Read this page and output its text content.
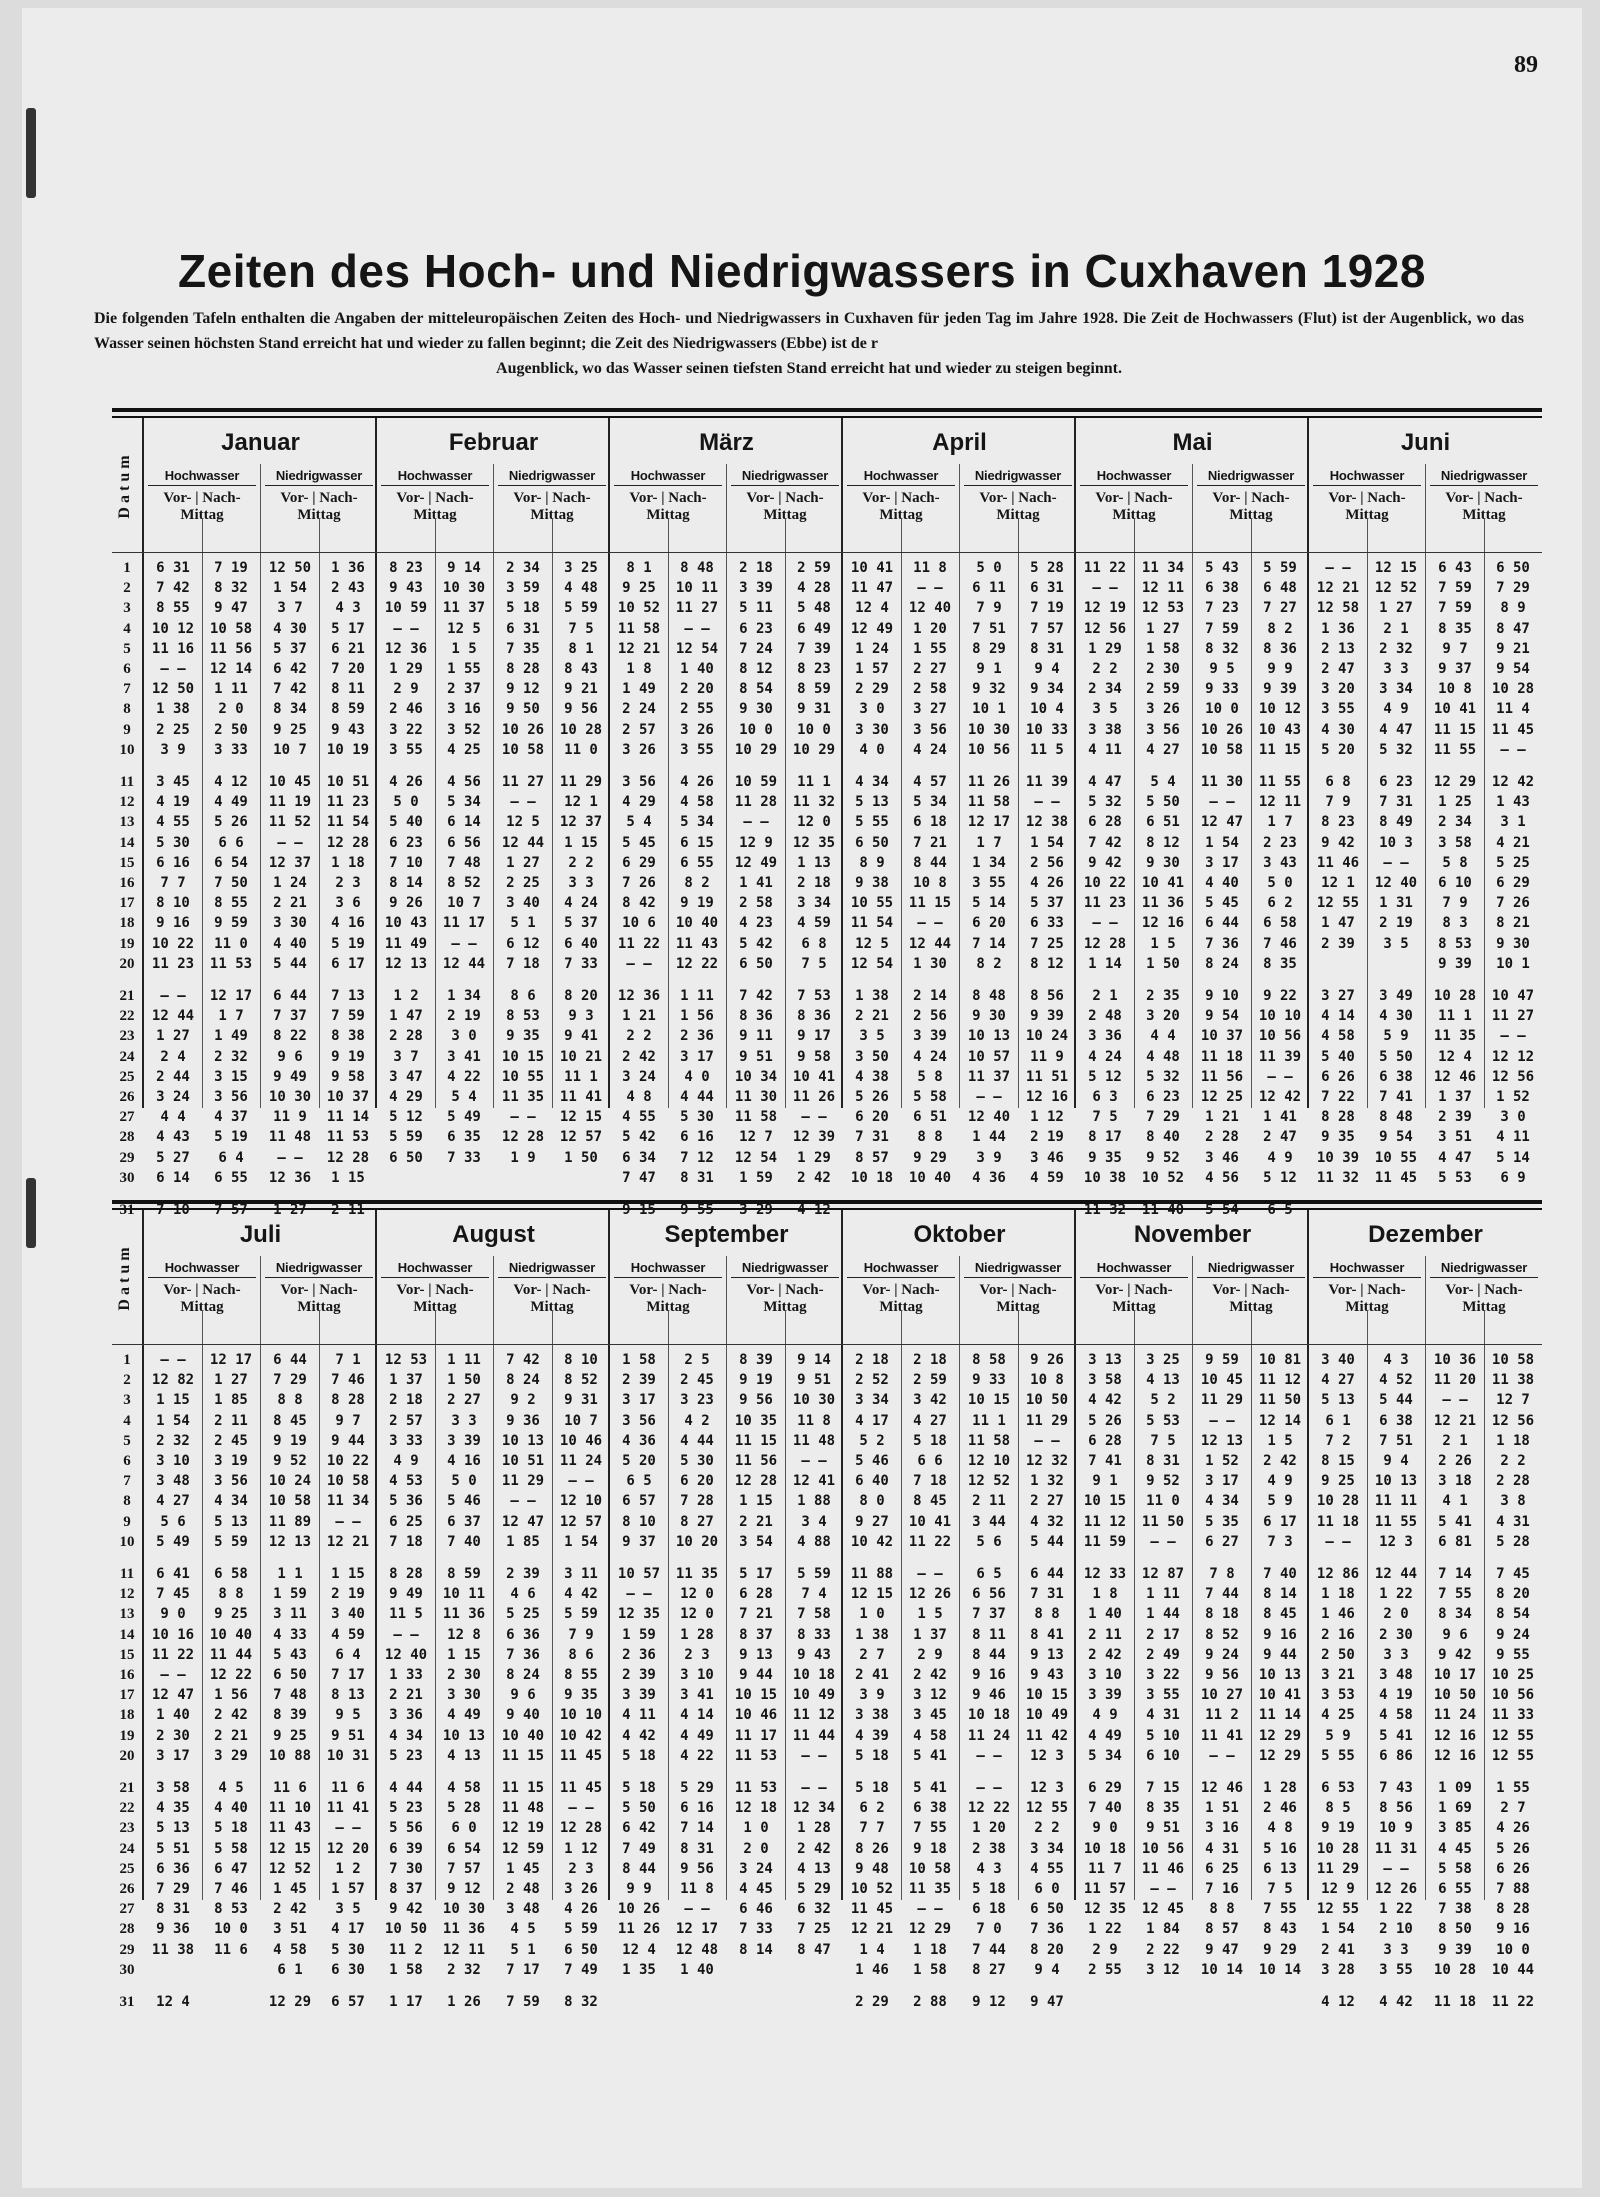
89
Zeiten des Hoch- und Niedrigwassers in Cuxhaven 1928
Die folgenden Tafeln enthalten die Angaben der mitteleuropäischen Zeiten des Hoch- und Niedrigwassers in Cuxhaven für jeden Tag im Jahre 1928. Die Zeit de Hochwassers (Flut) ist der Augenblick, wo das Wasser seinen höchsten Stand erreicht hat und wieder zu fallen beginnt; die Zeit des Niedrigwassers (Ebbe) ist de r
Augenblick, wo das Wasser seinen tiefsten Stand erreicht hat und wieder zu steigen beginnt.
Datum
Januar
Hochwasser
Vor- | Nach-
Mittag
Niedrigwasser
Vor- | Nach-
Mittag
6 31
7 42
8 55
10 12
11 16
— —
12 50
1 38
2 25
3 9
3 45
4 19
4 55
5 30
6 16
7 7
8 10
9 16
10 22
11 23
— —
12 44
1 27
2 4
2 44
3 24
4 4
4 43
5 27
6 14
7 10
7 19
8 32
9 47
10 58
11 56
12 14
1 11
2 0
2 50
3 33
4 12
4 49
5 26
6 6
6 54
7 50
8 55
9 59
11 0
11 53
12 17
1 7
1 49
2 32
3 15
3 56
4 37
5 19
6 4
6 55
7 57
12 50
1 54
3 7
4 30
5 37
6 42
7 42
8 34
9 25
10 7
10 45
11 19
11 52
— —
12 37
1 24
2 21
3 30
4 40
5 44
6 44
7 37
8 22
9 6
9 49
10 30
11 9
11 48
— —
12 36
1 27
1 36
2 43
4 3
5 17
6 21
7 20
8 11
8 59
9 43
10 19
10 51
11 23
11 54
12 28
1 18
2 3
3 6
4 16
5 19
6 17
7 13
7 59
8 38
9 19
9 58
10 37
11 14
11 53
12 28
1 15
2 11
Februar
Hochwasser
Vor- | Nach-
Mittag
Niedrigwasser
Vor- | Nach-
Mittag
8 23
9 43
10 59
— —
12 36
1 29
2 9
2 46
3 22
3 55
4 26
5 0
5 40
6 23
7 10
8 14
9 26
10 43
11 49
12 13
1 2
1 47
2 28
3 7
3 47
4 29
5 12
5 59
6 50
9 14
10 30
11 37
12 5
1 5
1 55
2 37
3 16
3 52
4 25
4 56
5 34
6 14
6 56
7 48
8 52
10 7
11 17
— —
12 44
1 34
2 19
3 0
3 41
4 22
5 4
5 49
6 35
7 33
2 34
3 59
5 18
6 31
7 35
8 28
9 12
9 50
10 26
10 58
11 27
— —
12 5
12 44
1 27
2 25
3 40
5 1
6 12
7 18
8 6
8 53
9 35
10 15
10 55
11 35
— —
12 28
1 9
3 25
4 48
5 59
7 5
8 1
8 43
9 21
9 56
10 28
11 0
11 29
12 1
12 37
1 15
2 2
3 3
4 24
5 37
6 40
7 33
8 20
9 3
9 41
10 21
11 1
11 41
12 15
12 57
1 50
März
Hochwasser
Vor- | Nach-
Mittag
Niedrigwasser
Vor- | Nach-
Mittag
8 1
9 25
10 52
11 58
12 21
1 8
1 49
2 24
2 57
3 26
3 56
4 29
5 4
5 45
6 29
7 26
8 42
10 6
11 22
— —
12 36
1 21
2 2
2 42
3 24
4 8
4 55
5 42
6 34
7 47
9 15
8 48
10 11
11 27
— —
12 54
1 40
2 20
2 55
3 26
3 55
4 26
4 58
5 34
6 15
6 55
8 2
9 19
10 40
11 43
12 22
1 11
1 56
2 36
3 17
4 0
4 44
5 30
6 16
7 12
8 31
9 55
2 18
3 39
5 11
6 23
7 24
8 12
8 54
9 30
10 0
10 29
10 59
11 28
— —
12 9
12 49
1 41
2 58
4 23
5 42
6 50
7 42
8 36
9 11
9 51
10 34
11 30
11 58
12 7
12 54
1 59
3 29
2 59
4 28
5 48
6 49
7 39
8 23
8 59
9 31
10 0
10 29
11 1
11 32
12 0
12 35
1 13
2 18
3 34
4 59
6 8
7 5
7 53
8 36
9 17
9 58
10 41
11 26
— —
12 39
1 29
2 42
4 12
April
Hochwasser
Vor- | Nach-
Mittag
Niedrigwasser
Vor- | Nach-
Mittag
10 41
11 47
12 4
12 49
1 24
1 57
2 29
3 0
3 30
4 0
4 34
5 13
5 55
6 50
8 9
9 38
10 55
11 54
12 5
12 54
1 38
2 21
3 5
3 50
4 38
5 26
6 20
7 31
8 57
10 18
11 8
— —
12 40
1 20
1 55
2 27
2 58
3 27
3 56
4 24
4 57
5 34
6 18
7 21
8 44
10 8
11 15
— —
12 44
1 30
2 14
2 56
3 39
4 24
5 8
5 58
6 51
8 8
9 29
10 40
5 0
6 11
7 9
7 51
8 29
9 1
9 32
10 1
10 30
10 56
11 26
11 58
12 17
1 7
1 34
3 55
5 14
6 20
7 14
8 2
8 48
9 30
10 13
10 57
11 37
— —
12 40
1 44
3 9
4 36
5 28
6 31
7 19
7 57
8 31
9 4
9 34
10 4
10 33
11 5
11 39
— —
12 38
1 54
2 56
4 26
5 37
6 33
7 25
8 12
8 56
9 39
10 24
11 9
11 51
12 16
1 12
2 19
3 46
4 59
Mai
Hochwasser
Vor- | Nach-
Mittag
Niedrigwasser
Vor- | Nach-
Mittag
11 22
— —
12 19
12 56
1 29
2 2
2 34
3 5
3 38
4 11
4 47
5 32
6 28
7 42
9 42
10 22
11 23
— —
12 28
1 14
2 1
2 48
3 36
4 24
5 12
6 3
7 5
8 17
9 35
10 38
11 32
11 34
12 11
12 53
1 27
1 58
2 30
2 59
3 26
3 56
4 27
5 4
5 50
6 51
8 12
9 30
10 41
11 36
12 16
1 5
1 50
2 35
3 20
4 4
4 48
5 32
6 23
7 29
8 40
9 52
10 52
11 40
5 43
6 38
7 23
7 59
8 32
9 5
9 33
10 0
10 26
10 58
11 30
— —
12 47
1 54
3 17
4 40
5 45
6 44
7 36
8 24
9 10
9 54
10 37
11 18
11 56
12 25
1 21
2 28
3 46
4 56
5 54
5 59
6 48
7 27
8 2
8 36
9 9
9 39
10 12
10 43
11 15
11 55
12 11
1 7
2 23
3 43
5 0
6 2
6 58
7 46
8 35
9 22
10 10
10 56
11 39
— —
12 42
1 41
2 47
4 9
5 12
6 5
Juni
Hochwasser
Vor- | Nach-
Mittag
Niedrigwasser
Vor- | Nach-
Mittag
— —
12 21
12 58
1 36
2 13
2 47
3 20
3 55
4 30
5 20
6 8
7 9
8 23
9 42
11 46
12 1
12 55
1 47
2 39
3 27
4 14
4 58
5 40
6 26
7 22
8 28
9 35
10 39
11 32
12 15
12 52
1 27
2 1
2 32
3 3
3 34
4 9
4 47
5 32
6 23
7 31
8 49
10 3
— —
12 40
1 31
2 19
3 5
3 49
4 30
5 9
5 50
6 38
7 41
8 48
9 54
10 55
11 45
6 43
7 59
7 59
8 35
9 7
9 37
10 8
10 41
11 15
11 55
12 29
1 25
2 34
3 58
5 8
6 10
7 9
8 3
8 53
9 39
10 28
11 1
11 35
12 4
12 46
1 37
2 39
3 51
4 47
5 53
6 50
7 29
8 9
8 47
9 21
9 54
10 28
11 4
11 45
— —
12 42
1 43
3 1
4 21
5 25
6 29
7 26
8 21
9 30
10 1
10 47
11 27
— —
12 12
12 56
1 52
3 0
4 11
5 14
6 9
1
2
3
4
5
6
7
8
9
10
11
12
13
14
15
16
17
18
19
20
21
22
23
24
25
26
27
28
29
30
31
Datum
Juli
Hochwasser
Vor- | Nach-
Mittag
Niedrigwasser
Vor- | Nach-
Mittag
— —
12 82
1 15
1 54
2 32
3 10
3 48
4 27
5 6
5 49
6 41
7 45
9 0
10 16
11 22
— —
12 47
1 40
2 30
3 17
3 58
4 35
5 13
5 51
6 36
7 29
8 31
9 36
11 38
12 4
12 17
1 27
1 85
2 11
2 45
3 19
3 56
4 34
5 13
5 59
6 58
8 8
9 25
10 40
11 44
12 22
1 56
2 42
2 21
3 29
4 5
4 40
5 18
5 58
6 47
7 46
8 53
10 0
11 6
6 44
7 29
8 8
8 45
9 19
9 52
10 24
10 58
11 89
12 13
1 1
1 59
3 11
4 33
5 43
6 50
7 48
8 39
9 25
10 88
11 6
11 10
11 43
12 15
12 52
1 45
2 42
3 51
4 58
6 1
12 29
7 1
7 46
8 28
9 7
9 44
10 22
10 58
11 34
— —
12 21
1 15
2 19
3 40
4 59
6 4
7 17
8 13
9 5
9 51
10 31
11 6
11 41
— —
12 20
1 2
1 57
3 5
4 17
5 30
6 30
6 57
August
Hochwasser
Vor- | Nach-
Mittag
Niedrigwasser
Vor- | Nach-
Mittag
12 53
1 37
2 18
2 57
3 33
4 9
4 53
5 36
6 25
7 18
8 28
9 49
11 5
— —
12 40
1 33
2 21
3 36
4 34
5 23
4 44
5 23
5 56
6 39
7 30
8 37
9 42
10 50
11 2
1 58
1 17
1 11
1 50
2 27
3 3
3 39
4 16
5 0
5 46
6 37
7 40
8 59
10 11
11 36
12 8
1 15
2 30
3 30
4 49
10 13
4 13
4 58
5 28
6 0
6 54
7 57
9 12
10 30
11 36
12 11
2 32
1 26
7 42
8 24
9 2
9 36
10 13
10 51
11 29
— —
12 47
1 85
2 39
4 6
5 25
6 36
7 36
8 24
9 6
9 40
10 40
11 15
11 15
11 48
12 19
12 59
1 45
2 48
3 48
4 5
5 1
7 17
7 59
8 10
8 52
9 31
10 7
10 46
11 24
— —
12 10
12 57
1 54
3 11
4 42
5 59
7 9
8 6
8 55
9 35
10 10
10 42
11 45
11 45
— —
12 28
1 12
2 3
3 26
4 26
5 59
6 50
7 49
8 32
September
Hochwasser
Vor- | Nach-
Mittag
Niedrigwasser
Vor- | Nach-
Mittag
1 58
2 39
3 17
3 56
4 36
5 20
6 5
6 57
8 10
9 37
10 57
— —
12 35
1 59
2 36
2 39
3 39
4 11
4 42
5 18
5 18
5 50
6 42
7 49
8 44
9 9
10 26
11 26
12 4
1 35
2 5
2 45
3 23
4 2
4 44
5 30
6 20
7 28
8 27
10 20
11 35
12 0
12 0
1 28
2 3
3 10
3 41
4 14
4 49
4 22
5 29
6 16
7 14
8 31
9 56
11 8
— —
12 17
12 48
1 40
8 39
9 19
9 56
10 35
11 15
11 56
12 28
1 15
2 21
3 54
5 17
6 28
7 21
8 37
9 13
9 44
10 15
10 46
11 17
11 53
11 53
12 18
1 0
2 0
3 24
4 45
6 46
7 33
8 14
9 14
9 51
10 30
11 8
11 48
— —
12 41
1 88
3 4
4 88
5 59
7 4
7 58
8 33
9 43
10 18
10 49
11 12
11 44
— —
— —
12 34
1 28
2 42
4 13
5 29
6 32
7 25
8 47
Oktober
Hochwasser
Vor- | Nach-
Mittag
Niedrigwasser
Vor- | Nach-
Mittag
2 18
2 52
3 34
4 17
5 2
5 46
6 40
8 0
9 27
10 42
11 88
12 15
1 0
1 38
2 7
2 41
3 9
3 38
4 39
5 18
5 18
6 2
7 7
8 26
9 48
10 52
11 45
12 21
1 4
1 46
2 29
2 18
2 59
3 42
4 27
5 18
6 6
7 18
8 45
10 41
11 22
— —
12 26
1 5
1 37
2 9
2 42
3 12
3 45
4 58
5 41
5 41
6 38
7 55
9 18
10 58
11 35
— —
12 29
1 18
1 58
2 88
8 58
9 33
10 15
11 1
11 58
12 10
12 52
2 11
3 44
5 6
6 5
6 56
7 37
8 11
8 44
9 16
9 46
10 18
11 24
— —
— —
12 22
1 20
2 38
4 3
5 18
6 18
7 0
7 44
8 27
9 12
9 26
10 8
10 50
11 29
— —
12 32
1 32
2 27
4 32
5 44
6 44
7 31
8 8
8 41
9 13
9 43
10 15
10 49
11 42
12 3
12 3
12 55
2 2
3 34
4 55
6 0
6 50
7 36
8 20
9 4
9 47
November
Hochwasser
Vor- | Nach-
Mittag
Niedrigwasser
Vor- | Nach-
Mittag
3 13
3 58
4 42
5 26
6 28
7 41
9 1
10 15
11 12
11 59
12 33
1 8
1 40
2 11
2 42
3 10
3 39
4 9
4 49
5 34
6 29
7 40
9 0
10 18
11 7
11 57
12 35
1 22
2 9
2 55
3 25
4 13
5 2
5 53
7 5
8 31
9 52
11 0
11 50
— —
12 87
1 11
1 44
2 17
2 49
3 22
3 55
4 31
5 10
6 10
7 15
8 35
9 51
10 56
11 46
— —
12 45
1 84
2 22
3 12
9 59
10 45
11 29
— —
12 13
1 52
3 17
4 34
5 35
6 27
7 8
7 44
8 18
8 52
9 24
9 56
10 27
11 2
11 41
— —
12 46
1 51
3 16
4 31
6 25
7 16
8 8
8 57
9 47
10 14
10 81
11 12
11 50
12 14
1 5
2 42
4 9
5 9
6 17
7 3
7 40
8 14
8 45
9 16
9 44
10 13
10 41
11 14
12 29
12 29
1 28
2 46
4 8
5 16
6 13
7 5
7 55
8 43
9 29
10 14
Dezember
Hochwasser
Vor- | Nach-
Mittag
Niedrigwasser
Vor- | Nach-
Mittag
3 40
4 27
5 13
6 1
7 2
8 15
9 25
10 28
11 18
— —
12 86
1 18
1 46
2 16
2 50
3 21
3 53
4 25
5 9
5 55
6 53
8 5
9 19
10 28
11 29
12 9
12 55
1 54
2 41
3 28
4 12
4 3
4 52
5 44
6 38
7 51
9 4
10 13
11 11
11 55
12 3
12 44
1 22
2 0
2 30
3 3
3 48
4 19
4 58
5 41
6 86
7 43
8 56
10 9
11 31
— —
12 26
1 22
2 10
3 3
3 55
4 42
10 36
11 20
— —
12 21
2 1
2 26
3 18
4 1
5 41
6 81
7 14
7 55
8 34
9 6
9 42
10 17
10 50
11 24
12 16
12 16
1 09
1 69
3 85
4 45
5 58
6 55
7 38
8 50
9 39
10 28
11 18
10 58
11 38
12 7
12 56
1 18
2 2
2 28
3 8
4 31
5 28
7 45
8 20
8 54
9 24
9 55
10 25
10 56
11 33
12 55
12 55
1 55
2 7
4 26
5 26
6 26
7 88
8 28
9 16
10 0
10 44
11 22
1
2
3
4
5
6
7
8
9
10
11
12
13
14
15
16
17
18
19
20
21
22
23
24
25
26
27
28
29
30
31
